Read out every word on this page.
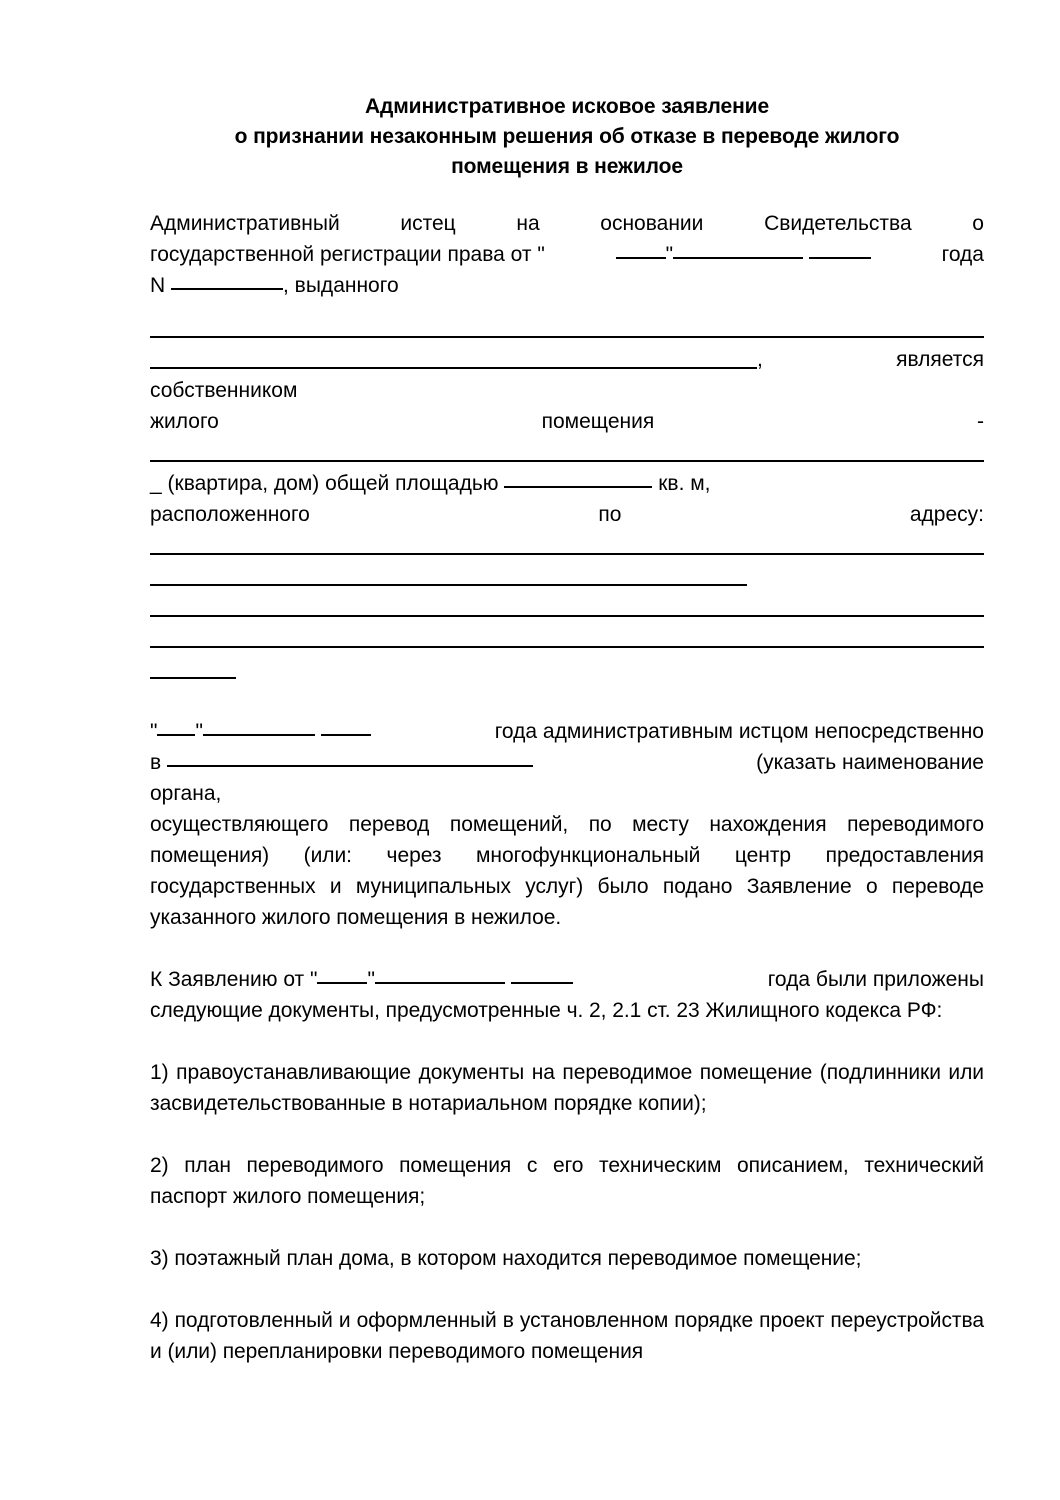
Административное исковое заявление
о признании незаконным решения об отказе в переводе жилого
помещения в нежилое
Административный	истец	на	основании	Свидетельства	о
государственной регистрации права от "	"	года
N	, выданного
,	является
собственником
жилого	помещения	-
_ (квартира, дом) общей площадью	кв. м,
расположенного	по	адресу:
" "	года административным истцом непосредственно
в	(указать наименование
органа,

осуществляющего перевод помещений, по месту нахождения переводимого помещения) (или: через многофункциональный центр предоставления государственных и муниципальных услуг) было подано Заявление о переводе указанного жилого помещения в нежилое.

К Заявлению от " "	года были приложены

следующие документы, предусмотренные ч. 2, 2.1 ст. 23 Жилищного кодекса РФ:

1) правоустанавливающие документы на переводимое помещение (подлинники или засвидетельствованные в нотариальном порядке копии);

2) план переводимого помещения с его техническим описанием, технический паспорт жилого помещения;

3) поэтажный план дома, в котором находится переводимое помещение;

4) подготовленный и оформленный в установленном порядке проект переустройства и (или) перепланировки переводимого помещения
